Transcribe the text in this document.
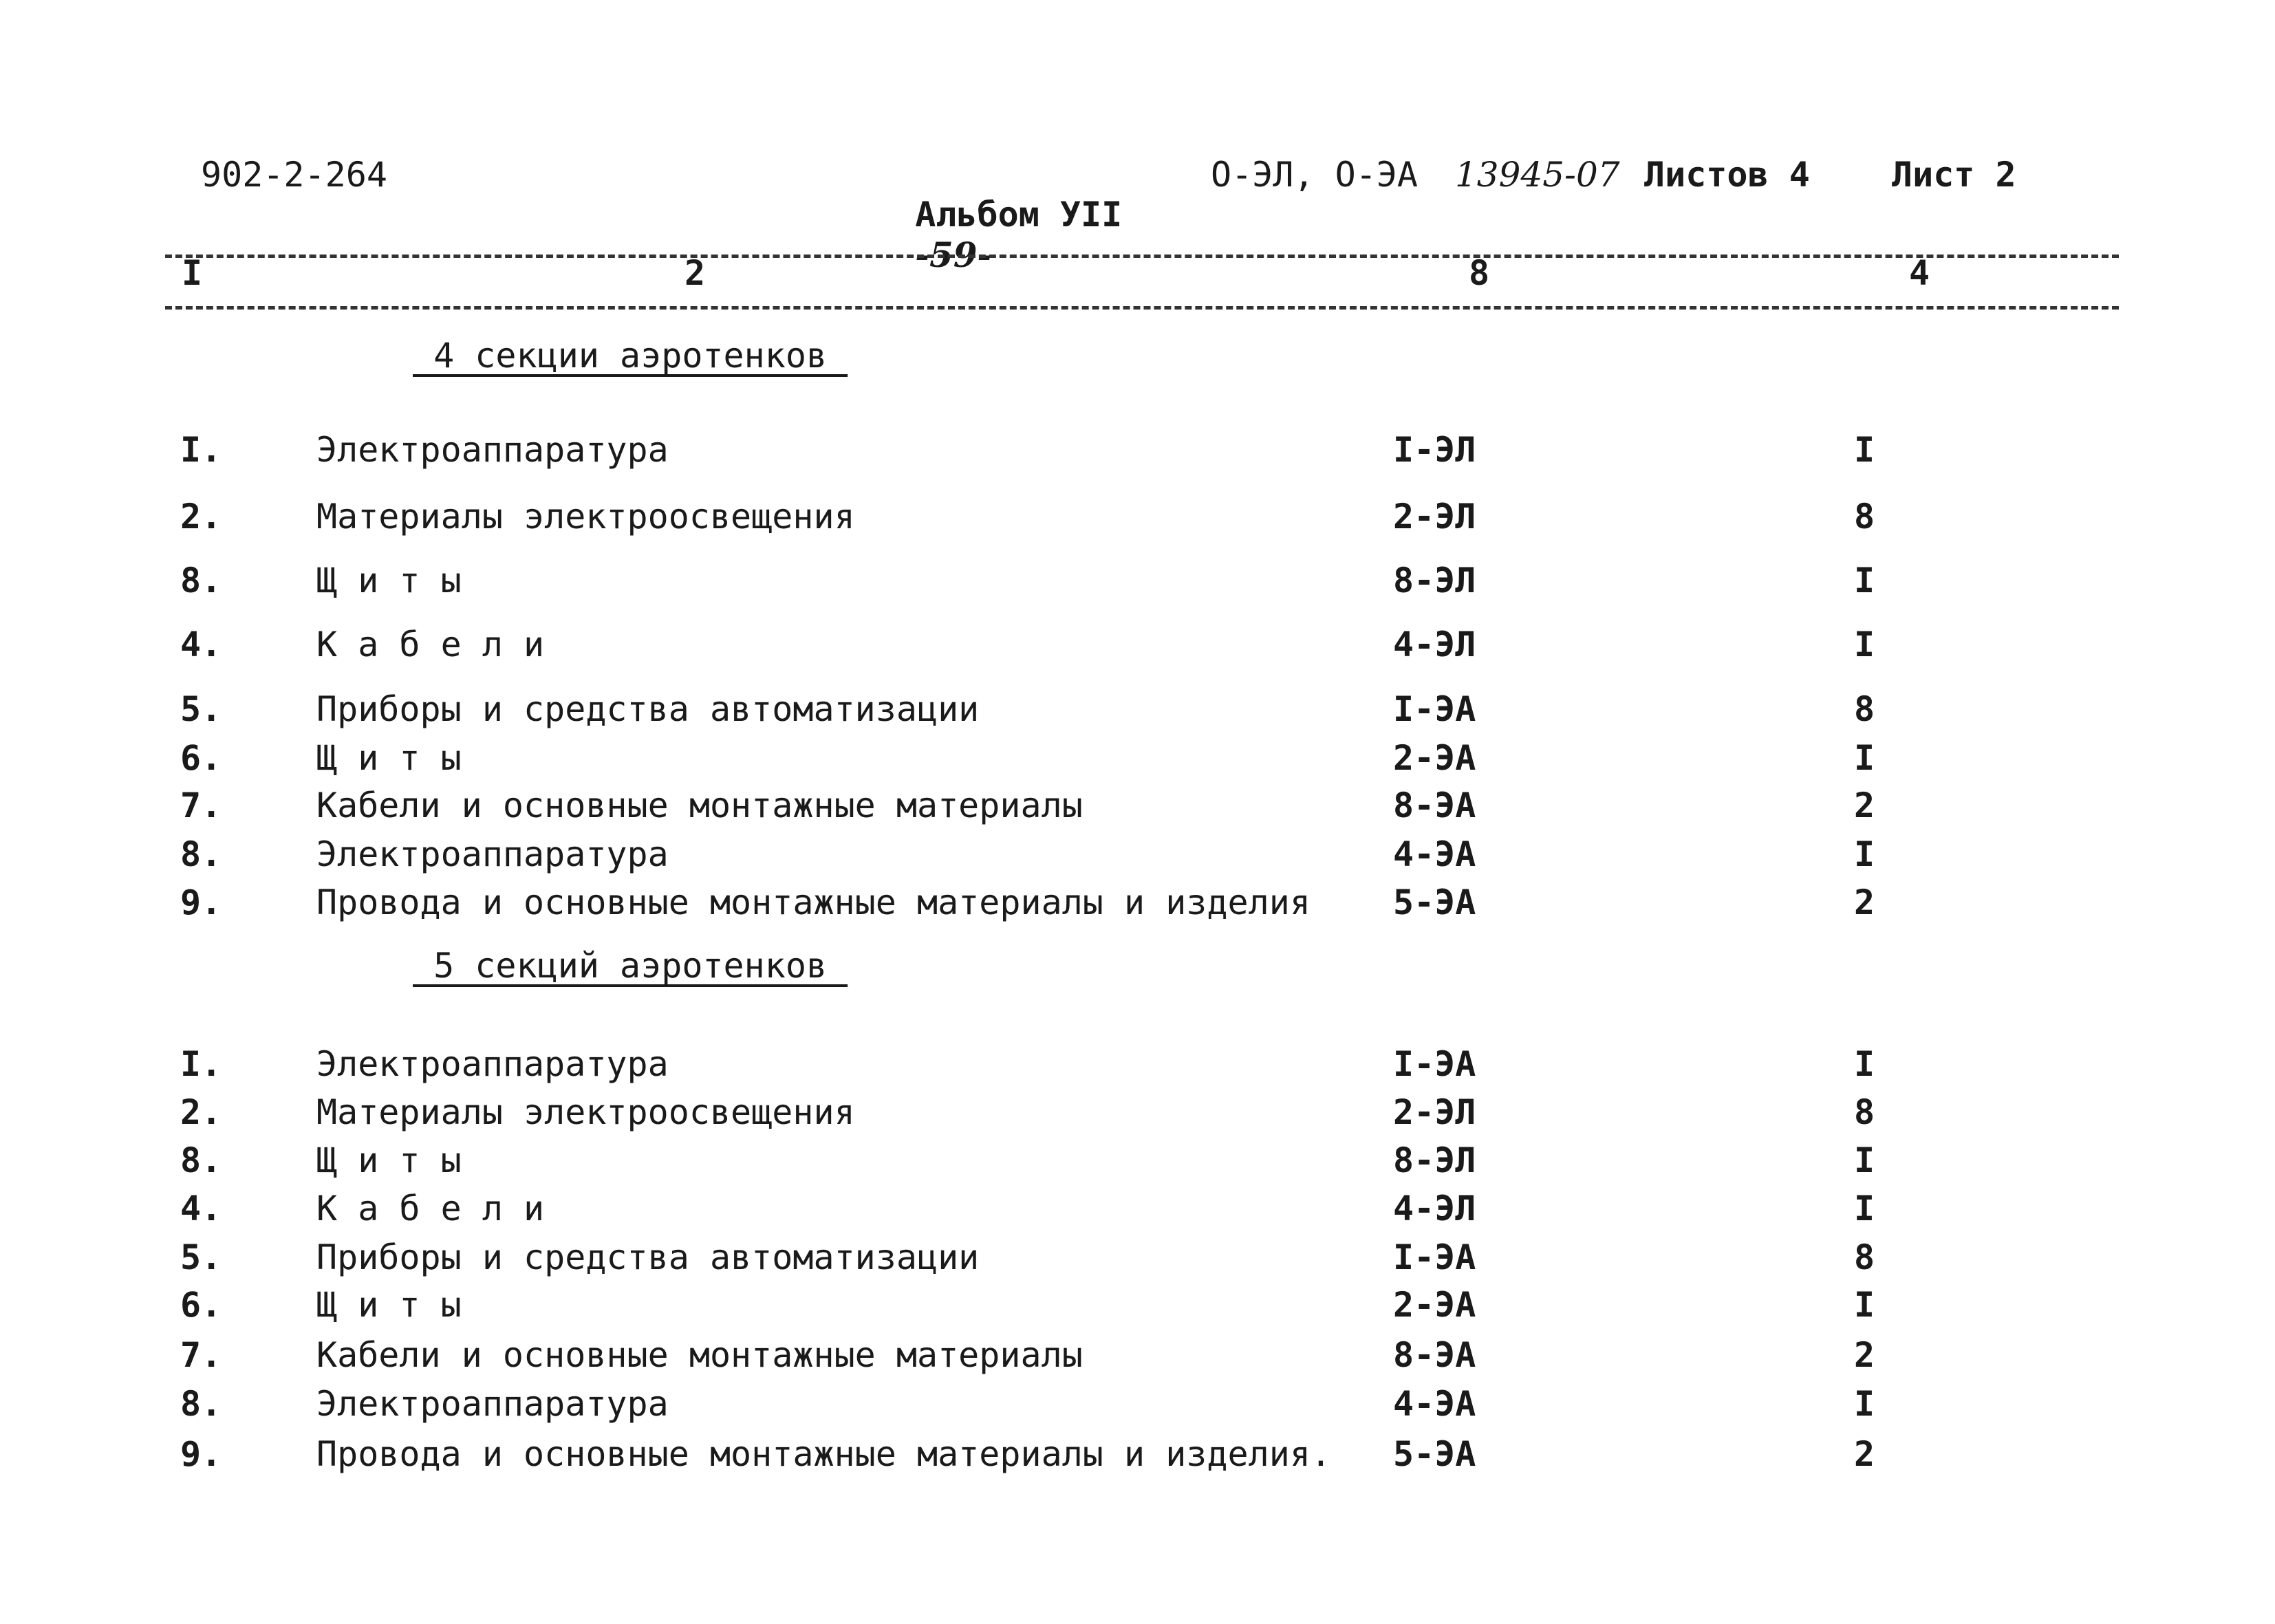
902-2-264

Альбом УII
-59-

О-ЭЛ, О-ЭА 13945-07 Листов 4 Лист 2
I	2	8	4
4 секции аэротенков
5 секций аэротенков
I.	Электроаппаратура	I-ЭЛ	I
2.	Материалы электроосвещения	2-ЭЛ	8
8.	Щ и т ы	8-ЭЛ	I
4.	К а б е л и	4-ЭЛ	I
5.	Приборы и средства автоматизации	I-ЭА	8
6.	Щ и т ы	2-ЭА	I
7.	Кабели и основные монтажные материалы	8-ЭА	2
8.	Электроаппаратура	4-ЭА	I
9.	Провода и основные монтажные материалы и изделия 5-ЭА	2
I.	Электроаппаратура	I-ЭА	I
2.	Материалы электроосвещения	2-ЭЛ	8
8.	Щ и т ы	8-ЭЛ	I
4.	К а б е л и	4-ЭЛ	I
5.	Приборы и средства автоматизации	I-ЭА	8
6.	Щ и т ы	2-ЭА	I
7.	Кабели и основные монтажные материалы	8-ЭА	2
8.	Электроаппаратура	4-ЭА	I
9.	Провода и основные монтажные материалы и изделия. 5-ЭА	2
